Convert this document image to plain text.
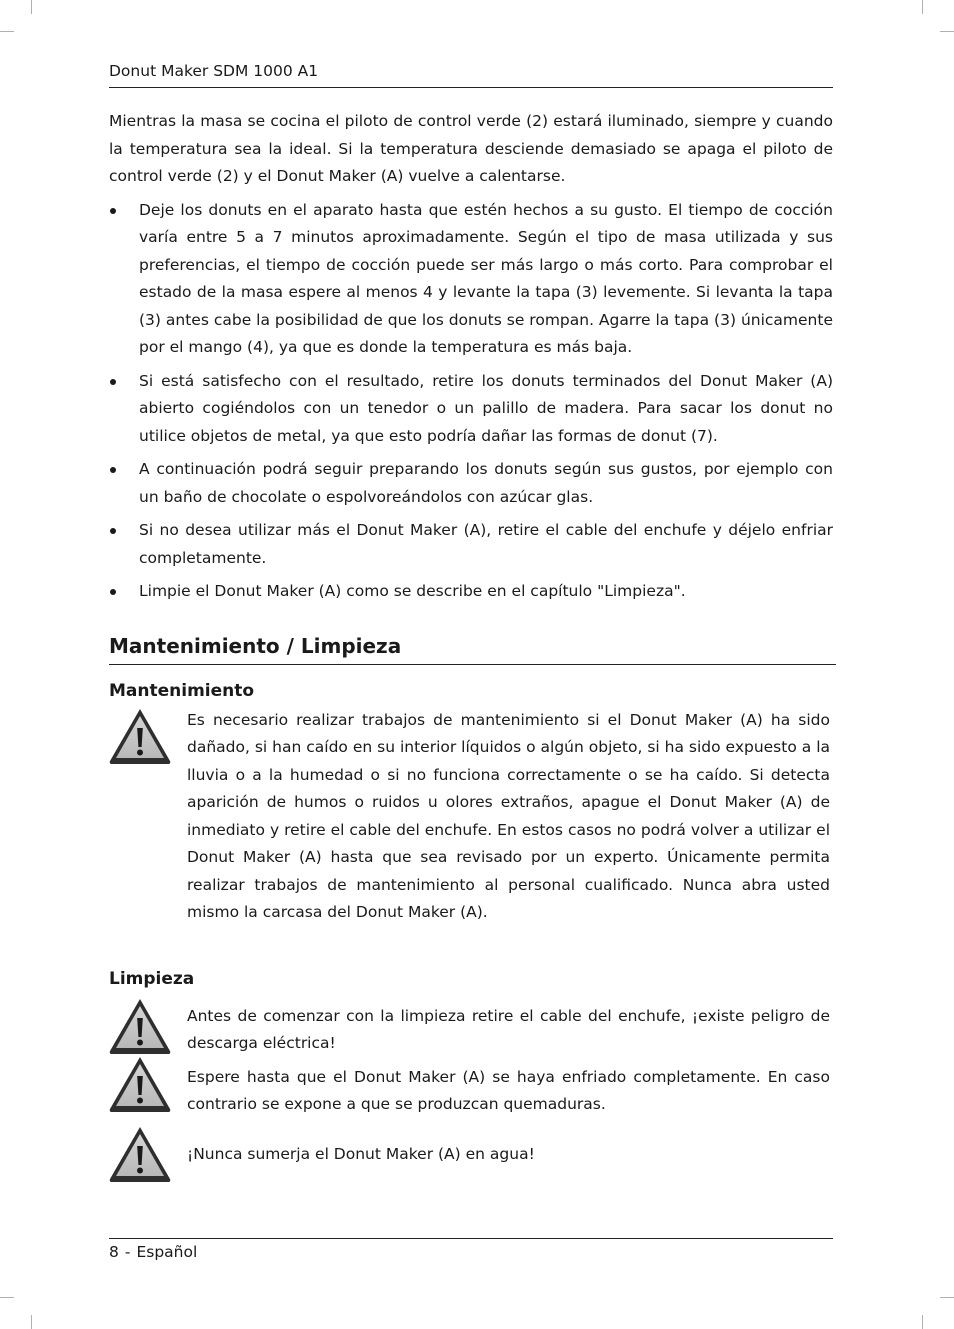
Donut Maker SDM 1000 A1

Mientras la masa se cocina el piloto de control verde (2) estará iluminado, siempre y cuando la temperatura sea la ideal. Si la temperatura desciende demasiado se apaga el piloto de control verde (2) y el Donut Maker (A) vuelve a calentarse.

Deje los donuts en el aparato hasta que estén hechos a su gusto. El tiempo de cocción varía entre 5 a 7 minutos aproximadamente. Según el tipo de masa utilizada y sus preferencias, el tiempo de cocción puede ser más largo o más corto. Para comprobar el estado de la masa espere al menos 4 y levante la tapa (3) levemente. Si levanta la tapa (3) antes cabe la posibilidad de que los donuts se rompan. Agarre la tapa (3) únicamente por el mango (4), ya que es donde la temperatura es más baja.

Si está satisfecho con el resultado, retire los donuts terminados del Donut Maker (A) abierto cogiéndolos con un tenedor o un palillo de madera. Para sacar los donut no utilice objetos de metal, ya que esto podría dañar las formas de donut (7).

A continuación podrá seguir preparando los donuts según sus gustos, por ejemplo con un baño de chocolate o espolvoreándolos con azúcar glas.

Si no desea utilizar más el Donut Maker (A), retire el cable del enchufe y déjelo enfriar completamente.

Limpie el Donut Maker (A) como se describe en el capítulo "Limpieza".

Mantenimiento / Limpieza
Mantenimiento

Es necesario realizar trabajos de mantenimiento si el Donut Maker (A) ha sido dañado, si han caído en su interior líquidos o algún objeto, si ha sido expuesto a la lluvia o a la humedad o si no funciona correctamente o se ha caído. Si detecta aparición de humos o ruidos u olores extraños, apague el Donut Maker (A) de inmediato y retire el cable del enchufe. En estos casos no podrá volver a utilizar el Donut Maker (A) hasta que sea revisado por un experto. Únicamente permita realizar trabajos de mantenimiento al personal cualificado. Nunca abra usted mismo la carcasa del Donut Maker (A).

Limpieza

Antes de comenzar con la limpieza retire el cable del enchufe, ¡existe peligro de descarga eléctrica!

Espere hasta que el Donut Maker (A) se haya enfriado completamente. En caso contrario se expone a que se produzcan quemaduras.

¡Nunca sumerja el Donut Maker (A) en agua!

8 - Español
